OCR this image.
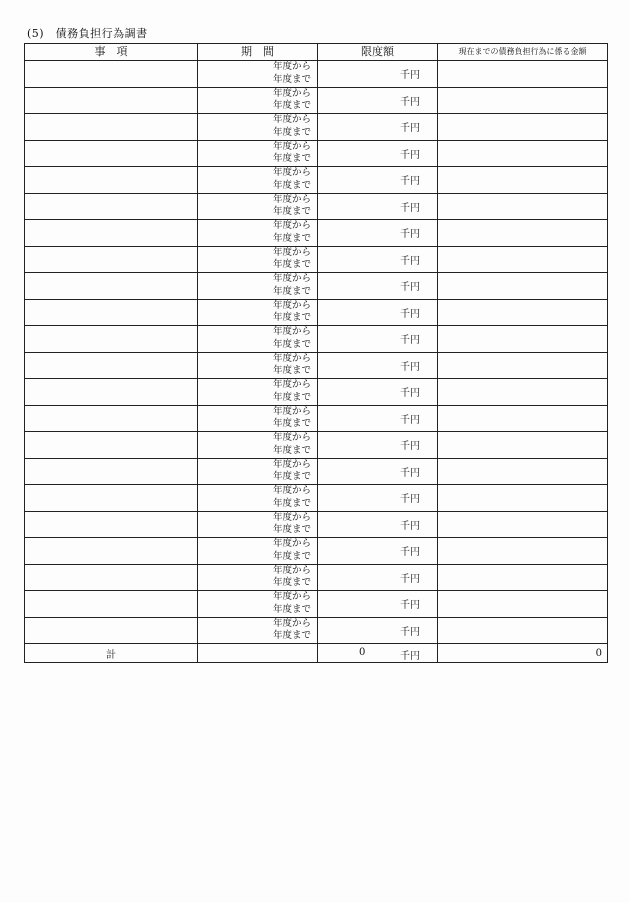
(5)　債務負担行為調書
事　項	期　間	限度額	現在までの債務負担行為に係る金額

	年度から
年度まで	千円	

	年度から
年度まで	千円	

	年度から
年度まで	千円	

	年度から
年度まで	千円	

	年度から
年度まで	千円	

	年度から
年度まで	千円	

	年度から
年度まで	千円	

	年度から
年度まで	千円	

	年度から
年度まで	千円	

	年度から
年度まで	千円	

	年度から
年度まで	千円	

	年度から
年度まで	千円	

	年度から
年度まで	千円	

	年度から
年度まで	千円	

	年度から
年度まで	千円	

	年度から
年度まで	千円	

	年度から
年度まで	千円	

	年度から
年度まで	千円	

	年度から
年度まで	千円	

	年度から
年度まで	千円	

	年度から
年度まで	千円	

	年度から
年度まで	千円	
計		0 千円	0
